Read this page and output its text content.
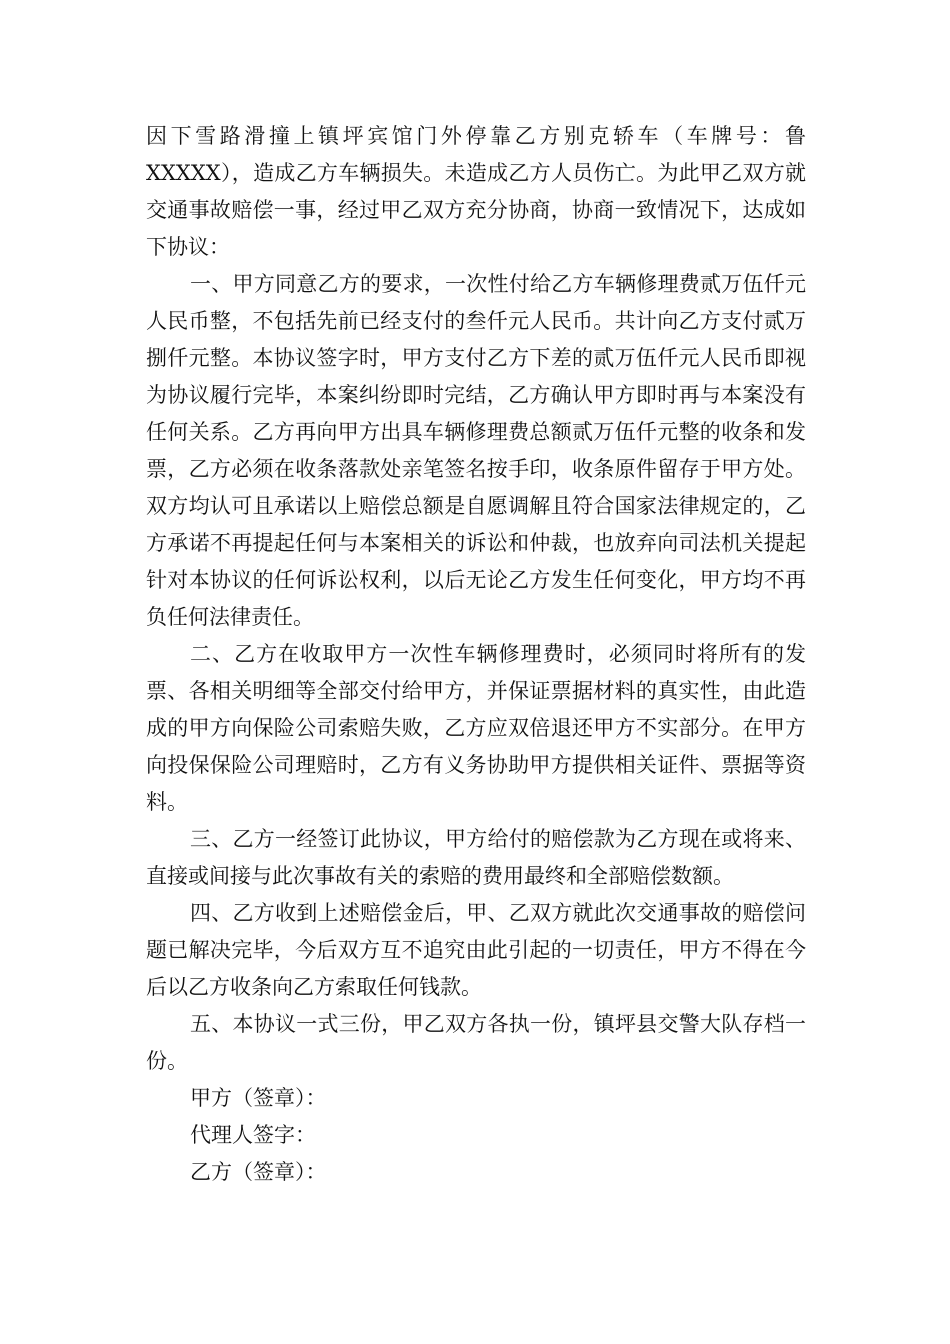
因下雪路滑撞上镇坪宾馆门外停靠乙方别克轿车（车牌号：鲁XXXXX），造成乙方车辆损失。未造成乙方人员伤亡。为此甲乙双方就交通事故赔偿一事，经过甲乙双方充分协商，协商一致情况下，达成如下协议：

一、甲方同意乙方的要求，一次性付给乙方车辆修理费贰万伍仟元人民币整，不包括先前已经支付的叁仟元人民币。共计向乙方支付贰万捌仟元整。本协议签字时，甲方支付乙方下差的贰万伍仟元人民币即视为协议履行完毕，本案纠纷即时完结，乙方确认甲方即时再与本案没有任何关系。乙方再向甲方出具车辆修理费总额贰万伍仟元整的收条和发票，乙方必须在收条落款处亲笔签名按手印，收条原件留存于甲方处。双方均认可且承诺以上赔偿总额是自愿调解且符合国家法律规定的，乙方承诺不再提起任何与本案相关的诉讼和仲裁，也放弃向司法机关提起针对本协议的任何诉讼权利，以后无论乙方发生任何变化，甲方均不再负任何法律责任。

二、乙方在收取甲方一次性车辆修理费时，必须同时将所有的发票、各相关明细等全部交付给甲方，并保证票据材料的真实性，由此造成的甲方向保险公司索赔失败，乙方应双倍退还甲方不实部分。在甲方向投保保险公司理赔时，乙方有义务协助甲方提供相关证件、票据等资料。

三、乙方一经签订此协议，甲方给付的赔偿款为乙方现在或将来、直接或间接与此次事故有关的索赔的费用最终和全部赔偿数额。

四、乙方收到上述赔偿金后，甲、乙双方就此次交通事故的赔偿问题已解决完毕，今后双方互不追究由此引起的一切责任，甲方不得在今后以乙方收条向乙方索取任何钱款。

五、本协议一式三份，甲乙双方各执一份，镇坪县交警大队存档一份。

甲方（签章）：

代理人签字：

乙方（签章）：
